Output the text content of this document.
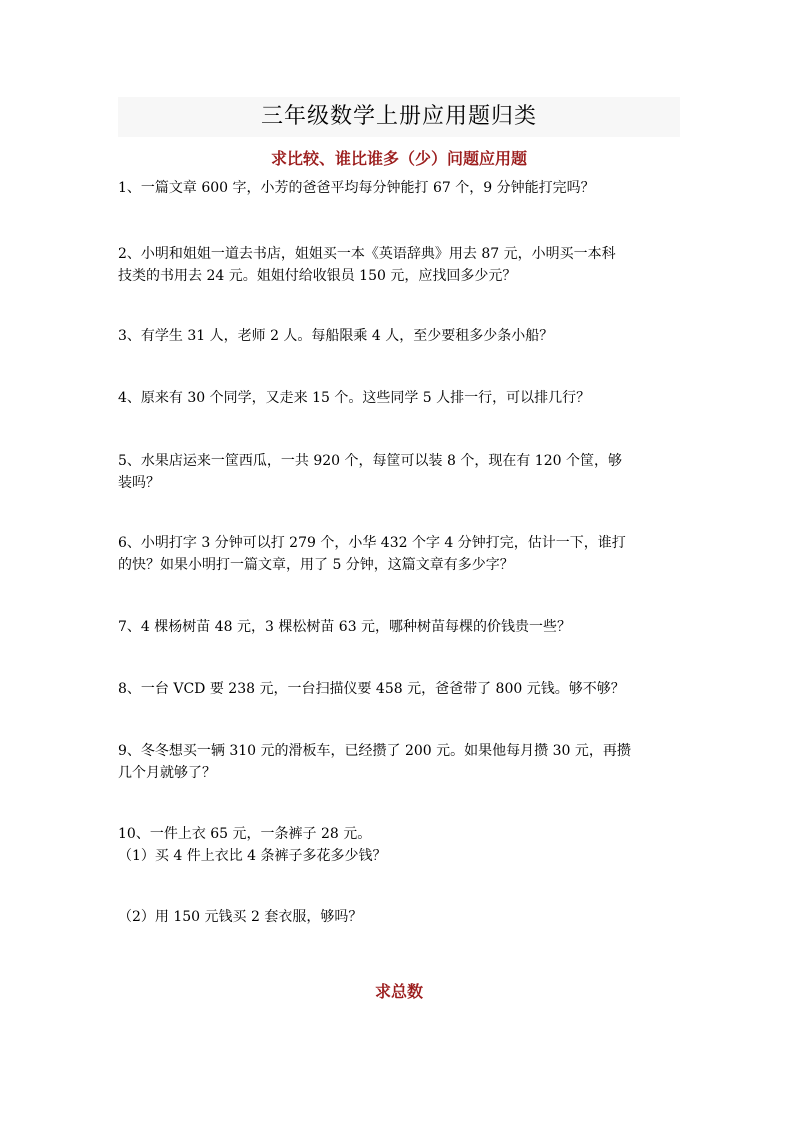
三年级数学上册应用题归类
求比较、谁比谁多（少）问题应用题
1、一篇文章 600 字，小芳的爸爸平均每分钟能打 67 个，9 分钟能打完吗？
2、小明和姐姐一道去书店，姐姐买一本《英语辞典》用去 87 元，小明买一本科
技类的书用去 24 元。姐姐付给收银员 150 元，应找回多少元？
3、有学生 31 人，老师 2 人。每船限乘 4 人，至少要租多少条小船？
4、原来有 30 个同学，又走来 15 个。这些同学 5 人排一行，可以排几行？
5、水果店运来一筐西瓜，一共 920 个，每筐可以装 8 个，现在有 120 个筐，够
装吗？
6、小明打字 3 分钟可以打 279 个，小华 432 个字 4 分钟打完，估计一下，谁打
的快？如果小明打一篇文章，用了 5 分钟，这篇文章有多少字？
7、4 棵杨树苗 48 元，3 棵松树苗 63 元，哪种树苗每棵的价钱贵一些？
8、一台 VCD 要 238 元，一台扫描仪要 458 元，爸爸带了 800 元钱。够不够？
9、冬冬想买一辆 310 元的滑板车，已经攒了 200 元。如果他每月攒 30 元，再攒
几个月就够了？
10、一件上衣 65 元，一条裤子 28 元。
（1）买 4 件上衣比 4 条裤子多花多少钱？
（2）用 150 元钱买 2 套衣服，够吗？
求总数
